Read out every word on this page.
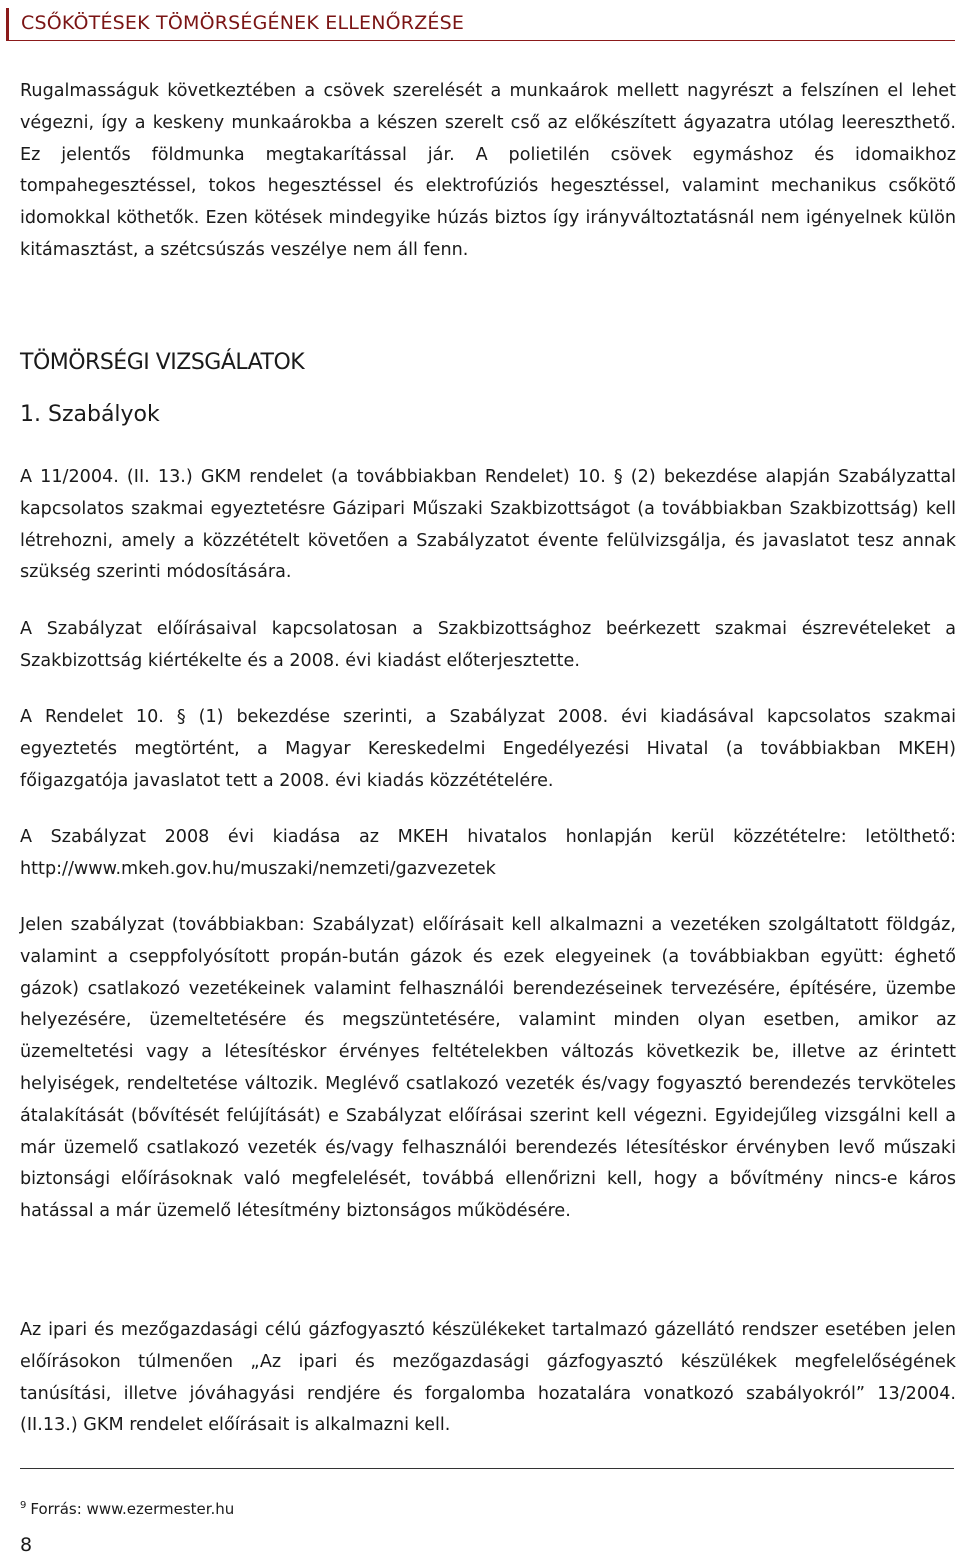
CSŐKÖTÉSEK TÖMÖRSÉGÉNEK ELLENŐRZÉSE

Rugalmasságuk következtében a csövek szerelését a munkaárok mellett nagyrészt a felszínen el lehet végezni, így a keskeny munkaárokba a készen szerelt cső az előkészített ágyazatra utólag leereszthető. Ez jelentős földmunka megtakarítással jár. A polietilén csövek egymáshoz és idomaikhoz tompahegesztéssel, tokos hegesztéssel és elektrofúziós hegesztéssel, valamint mechanikus csőkötő idomokkal köthetők. Ezen kötések mindegyike húzás biztos így irányváltoztatásnál nem igényelnek külön kitámasztást, a szétcsúszás veszélye nem áll fenn.

TÖMÖRSÉGI VIZSGÁLATOK
1. Szabályok

A 11/2004. (II. 13.) GKM rendelet (a továbbiakban Rendelet) 10. § (2) bekezdése alapján Szabályzattal kapcsolatos szakmai egyeztetésre Gázipari Műszaki Szakbizottságot (a továbbiakban Szakbizottság) kell létrehozni, amely a közzétételt követően a Szabályzatot évente felülvizsgálja, és javaslatot tesz annak szükség szerinti módosítására.

A Szabályzat előírásaival kapcsolatosan a Szakbizottsághoz beérkezett szakmai észrevételeket a Szakbizottság kiértékelte és a 2008. évi kiadást előterjesztette.

A Rendelet 10. § (1) bekezdése szerinti, a Szabályzat 2008. évi kiadásával kapcsolatos szakmai egyeztetés megtörtént, a Magyar Kereskedelmi Engedélyezési Hivatal (a továbbiakban MKEH) főigazgatója javaslatot tett a 2008. évi kiadás közzétételére.

A Szabályzat 2008 évi kiadása az MKEH hivatalos honlapján kerül közzétételre: letölthető: http://www.mkeh.gov.hu/muszaki/nemzeti/gazvezetek

Jelen szabályzat (továbbiakban: Szabályzat) előírásait kell alkalmazni a vezetéken szolgáltatott földgáz, valamint a cseppfolyósított propán-bután gázok és ezek elegyeinek (a továbbiakban együtt: éghető gázok) csatlakozó vezetékeinek valamint felhasználói berendezéseinek tervezésére, építésére, üzembe helyezésére, üzemeltetésére és megszüntetésére, valamint minden olyan esetben, amikor az üzemeltetési vagy a létesítéskor érvényes feltételekben változás következik be, illetve az érintett helyiségek, rendeltetése változik. Meglévő csatlakozó vezeték és/vagy fogyasztó berendezés tervköteles átalakítását (bővítését felújítását) e Szabályzat előírásai szerint kell végezni. Egyidejűleg vizsgálni kell a már üzemelő csatlakozó vezeték és/vagy felhasználói berendezés létesítéskor érvényben levő műszaki biztonsági előírásoknak való megfelelését, továbbá ellenőrizni kell, hogy a bővítmény nincs-e káros hatással a már üzemelő létesítmény biztonságos működésére.

Az ipari és mezőgazdasági célú gázfogyasztó készülékeket tartalmazó gázellátó rendszer esetében jelen előírásokon túlmenően „Az ipari és mezőgazdasági gázfogyasztó készülékek megfelelőségének tanúsítási, illetve jóváhagyási rendjére és forgalomba hozatalára vonatkozó szabályokról” 13/2004. (II.13.) GKM rendelet előírásait is alkalmazni kell.

$^9$ Forrás: www.ezermester.hu
8
